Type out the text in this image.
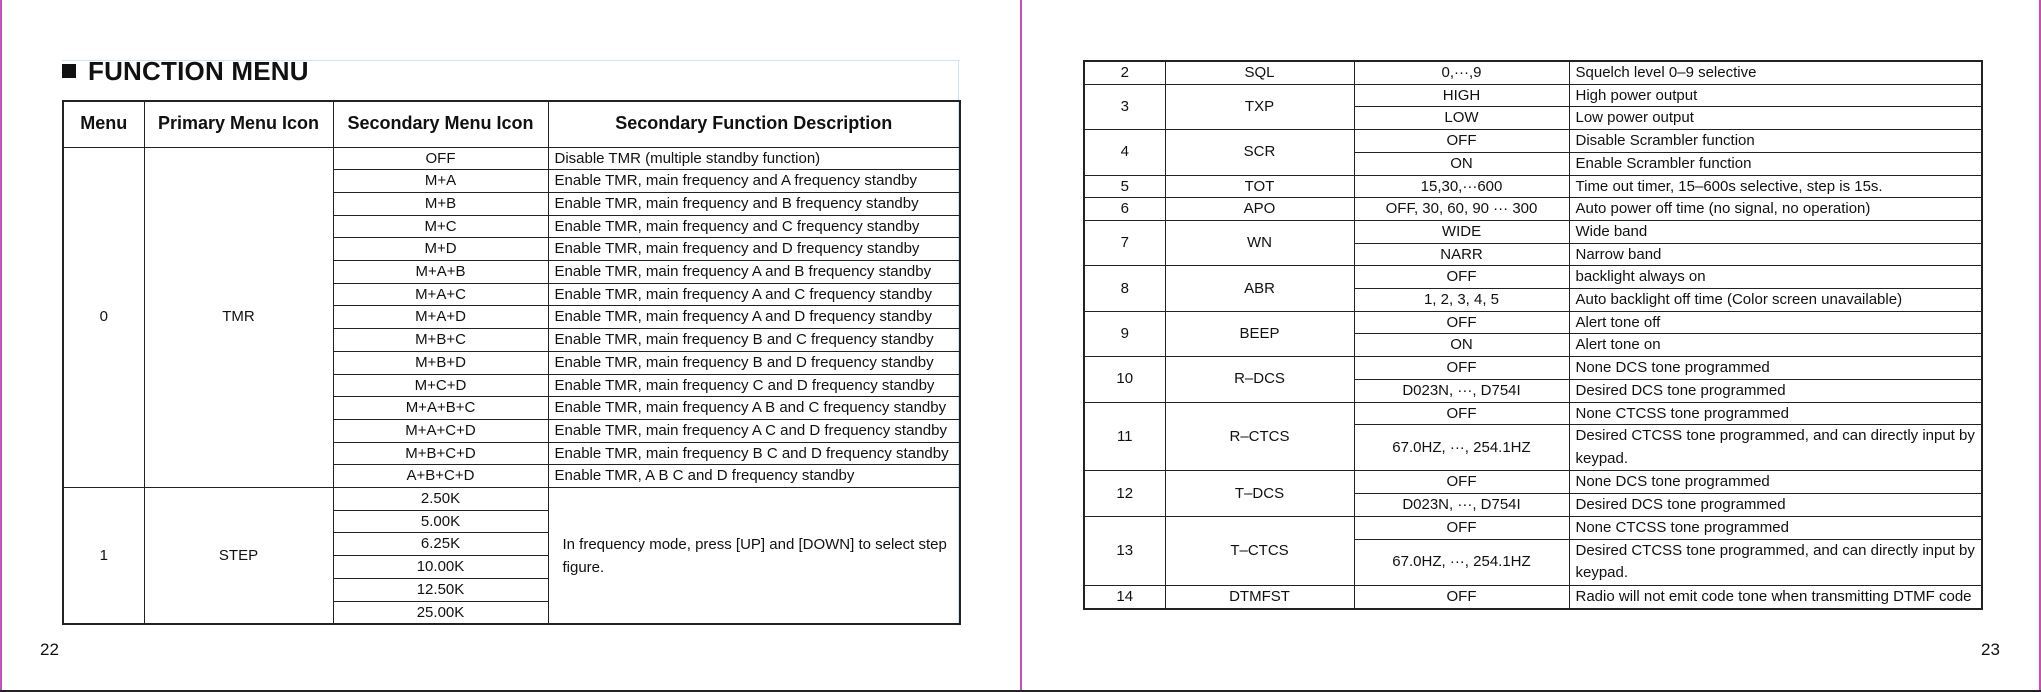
FUNCTION MENU
Menu	Primary Menu Icon	Secondary Menu Icon	Secondary Function Description
0	TMR	OFF	Disable TMR (multiple standby function)
		M+A	Enable TMR, main frequency and A frequency standby
		M+B	Enable TMR, main frequency and B frequency standby
		M+C	Enable TMR, main frequency and C frequency standby
		M+D	Enable TMR, main frequency and D frequency standby
		M+A+B	Enable TMR, main frequency A and B frequency standby
		M+A+C	Enable TMR, main frequency A and C frequency standby
		M+A+D	Enable TMR, main frequency A and D frequency standby
		M+B+C	Enable TMR, main frequency B and C frequency standby
		M+B+D	Enable TMR, main frequency B and D frequency standby
		M+C+D	Enable TMR, main frequency C and D frequency standby
		M+A+B+C	Enable TMR, main frequency A B and C frequency standby
		M+A+C+D	Enable TMR, main frequency A C and D frequency standby
		M+B+C+D	Enable TMR, main frequency B C and D frequency standby
		A+B+C+D	Enable TMR, A B C and D frequency standby
1	STEP	2.50K	In frequency mode, press [UP] and [DOWN] to select step figure.
		5.00K	
		6.25K	
		10.00K	
		12.50K	
		25.00K	
2	SQL	0,···,9	Squelch level 0–9 selective
3	TXP	HIGH	High power output
		LOW	Low power output
4	SCR	OFF	Disable Scrambler function
		ON	Enable Scrambler function
5	TOT	15,30,···600	Time out timer, 15–600s selective, step is 15s.
6	APO	OFF, 30, 60, 90 ··· 300	Auto power off time (no signal, no operation)
7	WN	WIDE	Wide band
		NARR	Narrow band
8	ABR	OFF	backlight always on
		1, 2, 3, 4, 5	Auto backlight off time (Color screen unavailable)
9	BEEP	OFF	Alert tone off
		ON	Alert tone on
10	R–DCS	OFF	None DCS tone programmed
		D023N, ···, D754I	Desired DCS tone programmed
11	R–CTCS	OFF	None CTCSS tone programmed
		67.0HZ, ···, 254.1HZ	Desired CTCSS tone programmed, and can directly input by keypad.
12	T–DCS	OFF	None DCS tone programmed
		D023N, ···, D754I	Desired DCS tone programmed
13	T–CTCS	OFF	None CTCSS tone programmed
		67.0HZ, ···, 254.1HZ	Desired CTCSS tone programmed, and can directly input by keypad.
14	DTMFST	OFF	Radio will not emit code tone when transmitting DTMF code
22	23
